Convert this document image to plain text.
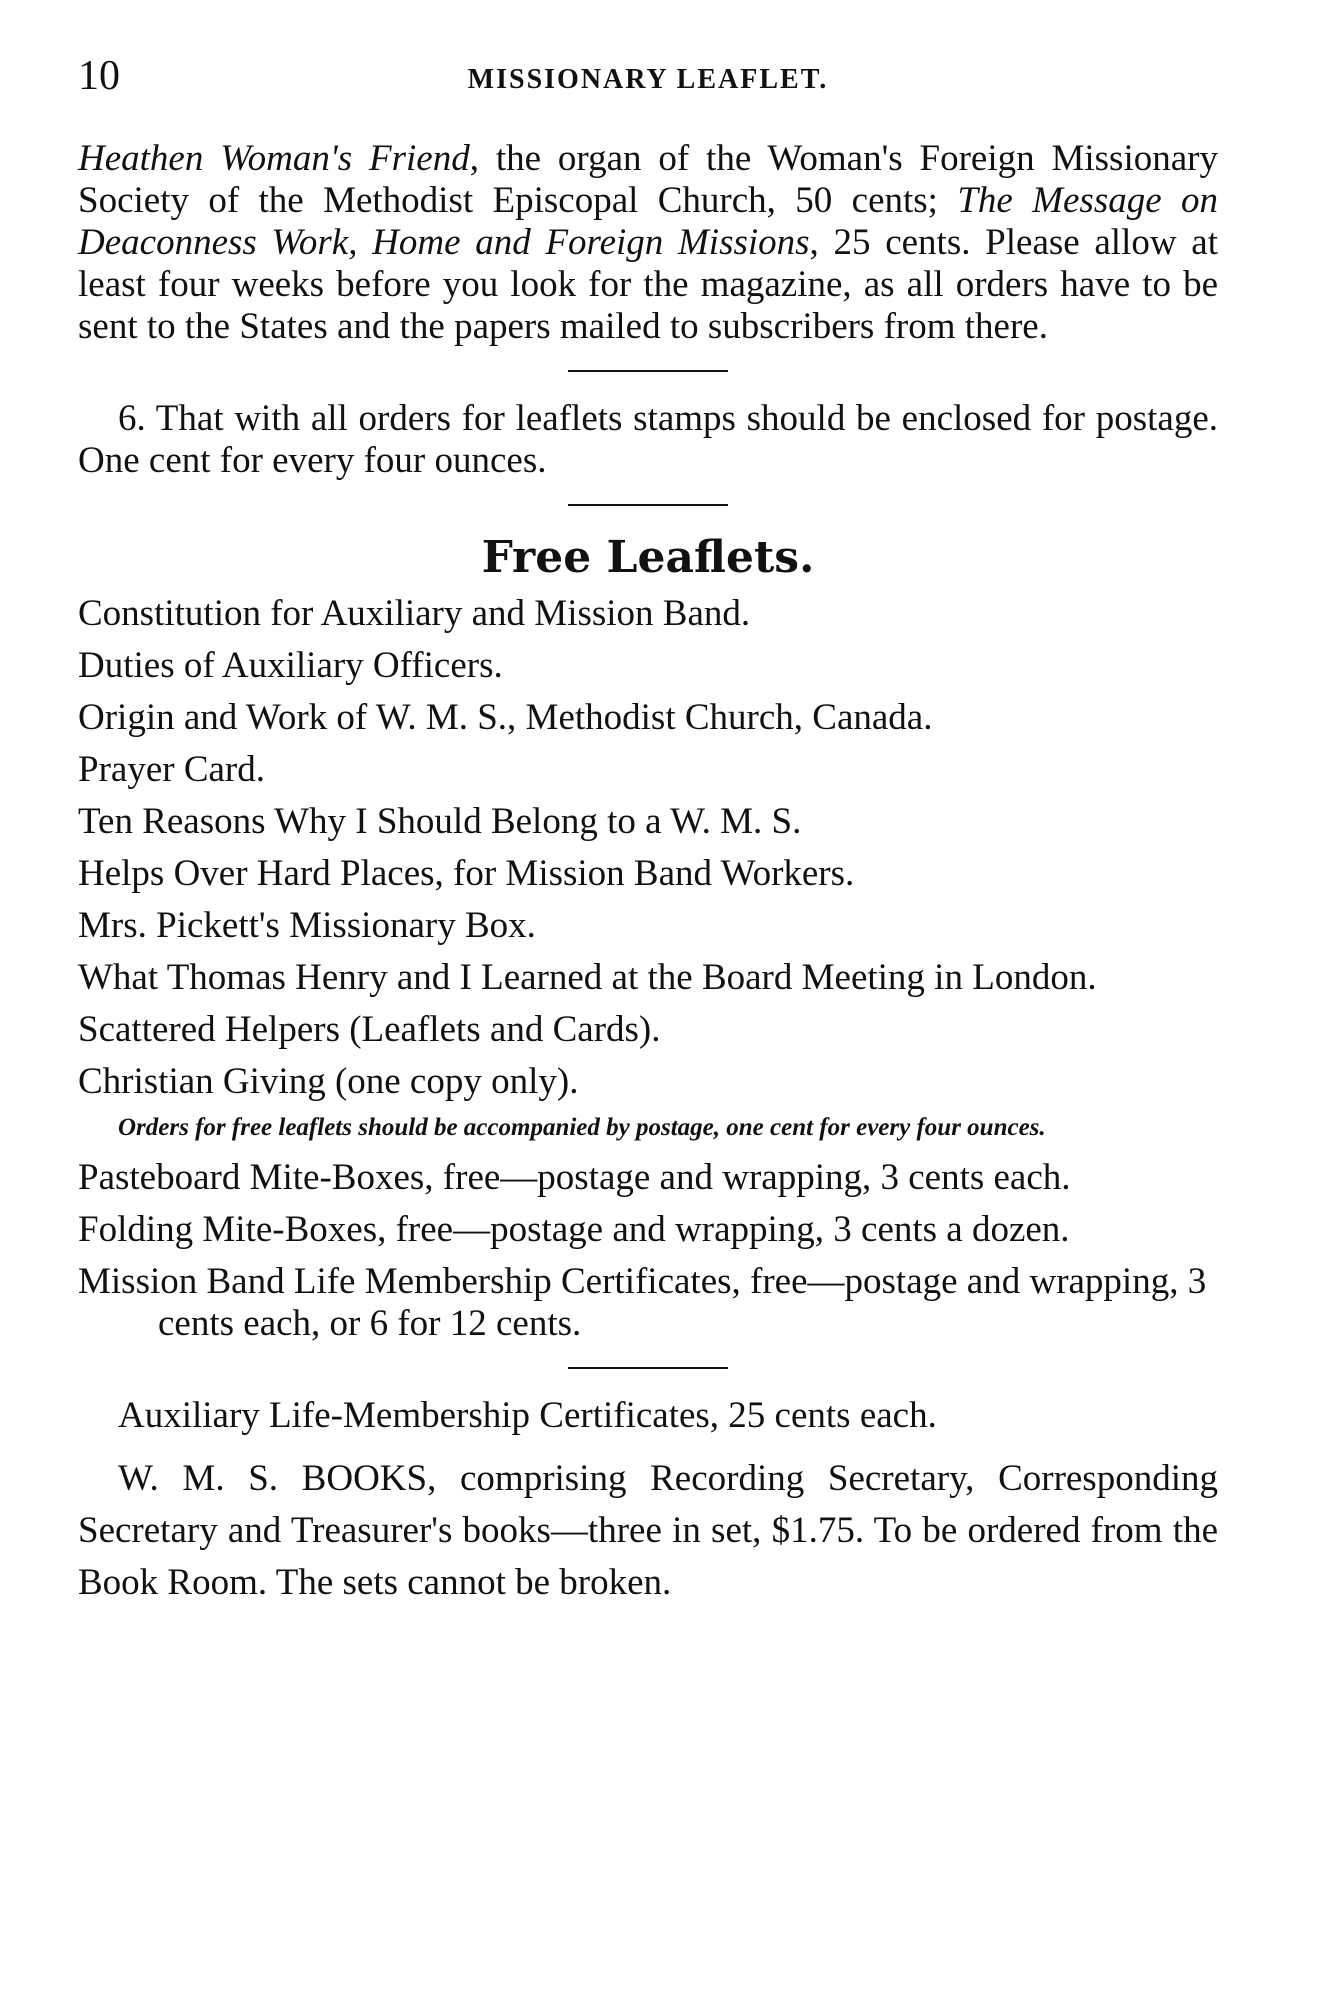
10	MISSIONARY LEAFLET.

Heathen Woman's Friend, the organ of the Woman's Foreign Missionary Society of the Methodist Episcopal Church, 50 cents; The Message on Deaconness Work, Home and Foreign Missions, 25 cents. Please allow at least four weeks before you look for the magazine, as all orders have to be sent to the States and the papers mailed to subscribers from there.

6. That with all orders for leaflets stamps should be enclosed for postage. One cent for every four ounces.

Free Leaflets.
Constitution for Auxiliary and Mission Band.
Duties of Auxiliary Officers.
Origin and Work of W. M. S., Methodist Church, Canada.
Prayer Card.
Ten Reasons Why I Should Belong to a W. M. S.
Helps Over Hard Places, for Mission Band Workers.
Mrs. Pickett's Missionary Box.
What Thomas Henry and I Learned at the Board Meeting in London.
Scattered Helpers (Leaflets and Cards).
Christian Giving (one copy only).

Orders for free leaflets should be accompanied by postage, one cent for every four ounces.

Pasteboard Mite-Boxes, free—postage and wrapping, 3 cents each.
Folding Mite-Boxes, free—postage and wrapping, 3 cents a dozen.
Mission Band Life Membership Certificates, free—postage and wrapping, 3 cents each, or 6 for 12 cents.

Auxiliary Life-Membership Certificates, 25 cents each.

W. M. S. BOOKS, comprising Recording Secretary, Corresponding Secretary and Treasurer's books—three in set, $1.75. To be ordered from the Book Room. The sets cannot be broken.
